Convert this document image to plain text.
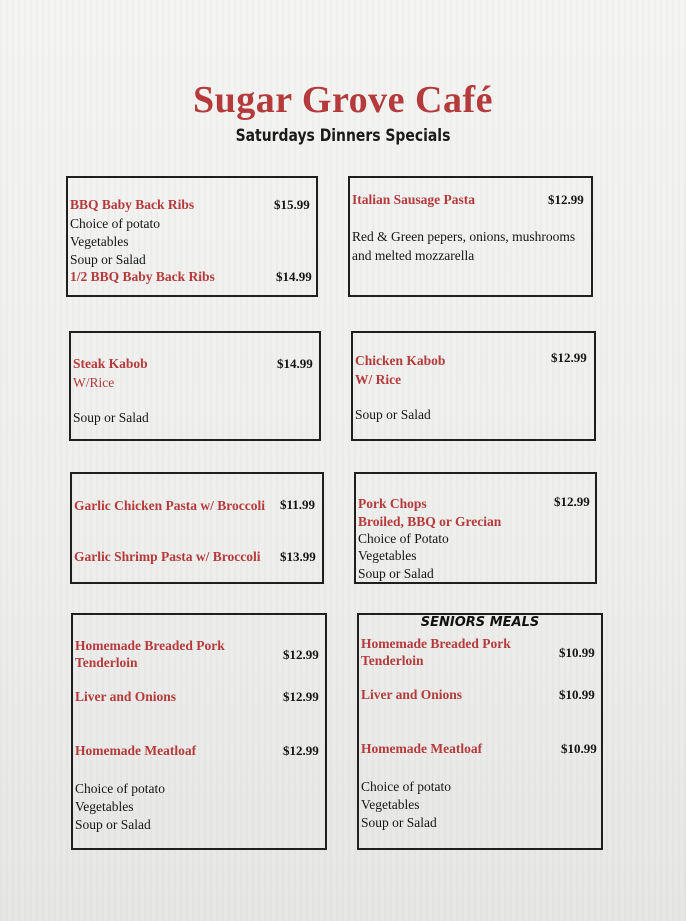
Sugar Grove Café
Saturdays Dinners Specials
BBQ Baby Back Ribs	$15.99
Choice of potato
Vegetables
Soup or Salad
1/2 BBQ Baby Back Ribs	$14.99
Italian Sausage Pasta	$12.99
Red & Green pepers, onions, mushrooms
and melted mozzarella
Steak Kabob	$14.99
W/Rice
Soup or Salad
Chicken Kabob	$12.99
W/ Rice
Soup or Salad
Garlic Chicken Pasta w/ Broccoli $11.99
Garlic Shrimp Pasta w/ Broccoli $13.99
Pork Chops	$12.99
Broiled, BBQ or Grecian
Choice of Potato
Vegetables
Soup or Salad
Homemade Breaded Pork
Tenderloin
$12.99
Liver and Onions	$12.99
Homemade Meatloaf	$12.99
Choice of potato
Vegetables
Soup or Salad
SENIORS MEALS
Homemade Breaded Pork
Tenderloin
$10.99
Liver and Onions	$10.99
Homemade Meatloaf	$10.99
Choice of potato
Vegetables
Soup or Salad
